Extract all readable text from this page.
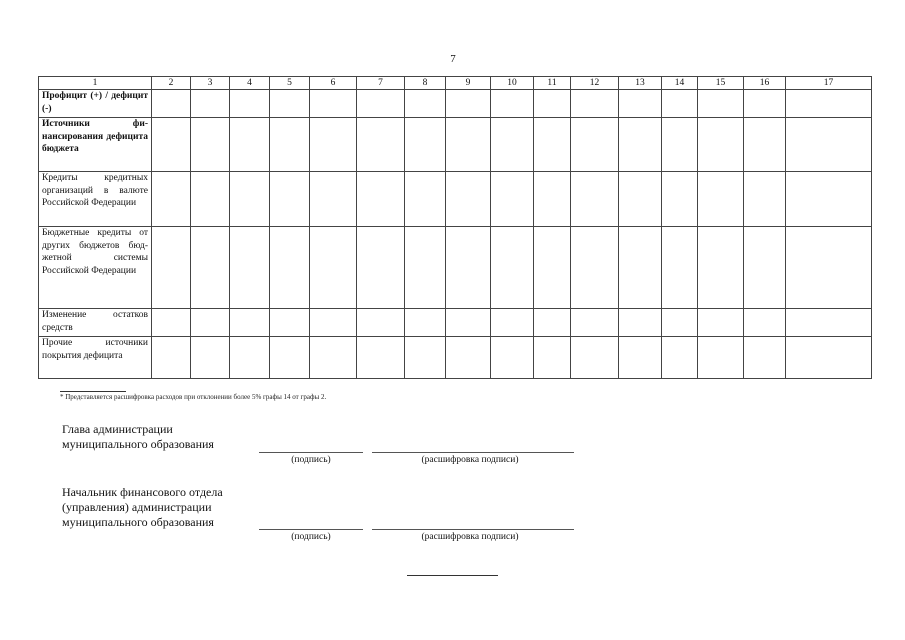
7
1	2	3	4	5	6	7	8	9	10	11	12	13	14	15	16	17
Профицит (+) / дефицит (-)																
Источники финансирования дефицита бюджета																
Кредиты кредитных организаций в валюте Российской Федерации																
Бюджетные кредиты от других бюджетов бюджетной системы Российской Федерации																
Изменение остатков средств																
Прочие источники покрытия дефицита																
* Представляется расшифровка расходов при отклонении более 5% графы 14 от графы 2.
Глава администрации
муниципального образования
(подпись)	(расшифровка подписи)
Начальник финансового отдела
(управления) администрации
муниципального образования
(подпись)	(расшифровка подписи)
